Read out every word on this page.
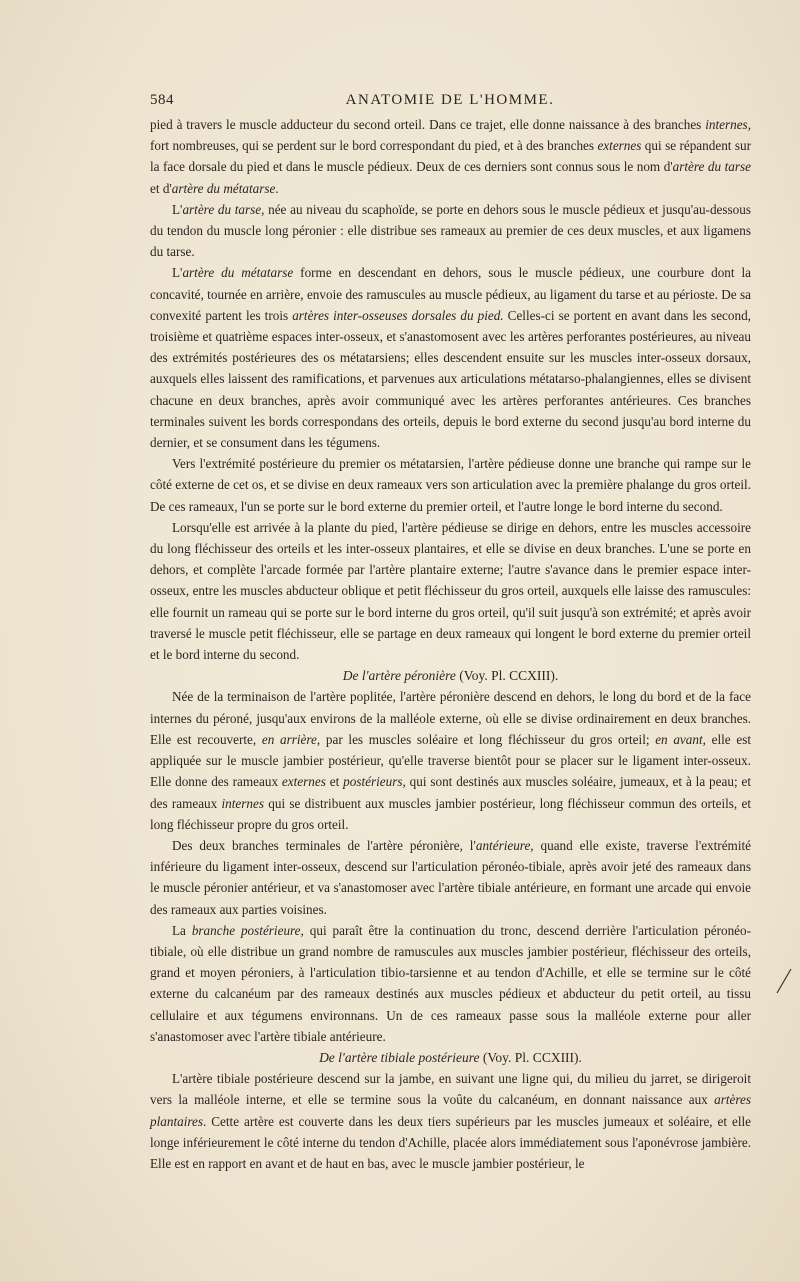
584	ANATOMIE DE L'HOMME.

pied à travers le muscle adducteur du second orteil. Dans ce trajet, elle donne naissance à des branches internes, fort nombreuses, qui se perdent sur le bord correspondant du pied, et à des branches externes qui se répandent sur la face dorsale du pied et dans le muscle pédieux. Deux de ces derniers sont connus sous le nom d'artère du tarse et d'artère du métatarse.

L'artère du tarse, née au niveau du scaphoïde, se porte en dehors sous le muscle pédieux et jusqu'au-dessous du tendon du muscle long péronier : elle distribue ses rameaux au premier de ces deux muscles, et aux ligamens du tarse.

L'artère du métatarse forme en descendant en dehors, sous le muscle pédieux, une courbure dont la concavité, tournée en arrière, envoie des ramuscules au muscle pédieux, au ligament du tarse et au périoste. De sa convexité partent les trois artères inter-osseuses dorsales du pied. Celles-ci se portent en avant dans les second, troisième et quatrième espaces inter-osseux, et s'anastomosent avec les artères perforantes postérieures, au niveau des extrémités postérieures des os métatarsiens; elles descendent ensuite sur les muscles inter-osseux dorsaux, auxquels elles laissent des ramifications, et parvenues aux articulations métatarso-phalangiennes, elles se divisent chacune en deux branches, après avoir communiqué avec les artères perforantes antérieures. Ces branches terminales suivent les bords correspondans des orteils, depuis le bord externe du second jusqu'au bord interne du dernier, et se consument dans les tégumens.

Vers l'extrémité postérieure du premier os métatarsien, l'artère pédieuse donne une branche qui rampe sur le côté externe de cet os, et se divise en deux rameaux vers son articulation avec la première phalange du gros orteil. De ces rameaux, l'un se porte sur le bord externe du premier orteil, et l'autre longe le bord interne du second.

Lorsqu'elle est arrivée à la plante du pied, l'artère pédieuse se dirige en dehors, entre les muscles accessoire du long fléchisseur des orteils et les inter-osseux plantaires, et elle se divise en deux branches. L'une se porte en dehors, et complète l'arcade formée par l'artère plantaire externe; l'autre s'avance dans le premier espace inter-osseux, entre les muscles abducteur oblique et petit fléchisseur du gros orteil, auxquels elle laisse des ramuscules: elle fournit un rameau qui se porte sur le bord interne du gros orteil, qu'il suit jusqu'à son extrémité; et après avoir traversé le muscle petit fléchisseur, elle se partage en deux rameaux qui longent le bord externe du premier orteil et le bord interne du second.

De l'artère péronière (Voy. Pl. CCXIII).

Née de la terminaison de l'artère poplitée, l'artère péronière descend en dehors, le long du bord et de la face internes du péroné, jusqu'aux environs de la malléole externe, où elle se divise ordinairement en deux branches. Elle est recouverte, en arrière, par les muscles soléaire et long fléchisseur du gros orteil; en avant, elle est appliquée sur le muscle jambier postérieur, qu'elle traverse bientôt pour se placer sur le ligament inter-osseux. Elle donne des rameaux externes et postérieurs, qui sont destinés aux muscles soléaire, jumeaux, et à la peau; et des rameaux internes qui se distribuent aux muscles jambier postérieur, long fléchisseur commun des orteils, et long fléchisseur propre du gros orteil.

Des deux branches terminales de l'artère péronière, l'antérieure, quand elle existe, traverse l'extrémité inférieure du ligament inter-osseux, descend sur l'articulation péronéo-tibiale, après avoir jeté des rameaux dans le muscle péronier antérieur, et va s'anastomoser avec l'artère tibiale antérieure, en formant une arcade qui envoie des rameaux aux parties voisines.

La branche postérieure, qui paraît être la continuation du tronc, descend derrière l'articulation péronéo-tibiale, où elle distribue un grand nombre de ramuscules aux muscles jambier postérieur, fléchisseur des orteils, grand et moyen péroniers, à l'articulation tibio-tarsienne et au tendon d'Achille, et elle se termine sur le côté externe du calcanéum par des rameaux destinés aux muscles pédieux et abducteur du petit orteil, au tissu cellulaire et aux tégumens environnans. Un de ces rameaux passe sous la malléole externe pour aller s'anastomoser avec l'artère tibiale antérieure.

De l'artère tibiale postérieure (Voy. Pl. CCXIII).

L'artère tibiale postérieure descend sur la jambe, en suivant une ligne qui, du milieu du jarret, se dirigeroit vers la malléole interne, et elle se termine sous la voûte du calcanéum, en donnant naissance aux artères plantaires. Cette artère est couverte dans les deux tiers supérieurs par les muscles jumeaux et soléaire, et elle longe inférieurement le côté interne du tendon d'Achille, placée alors immédiatement sous l'aponévrose jambière. Elle est en rapport en avant et de haut en bas, avec le muscle jambier postérieur, le
